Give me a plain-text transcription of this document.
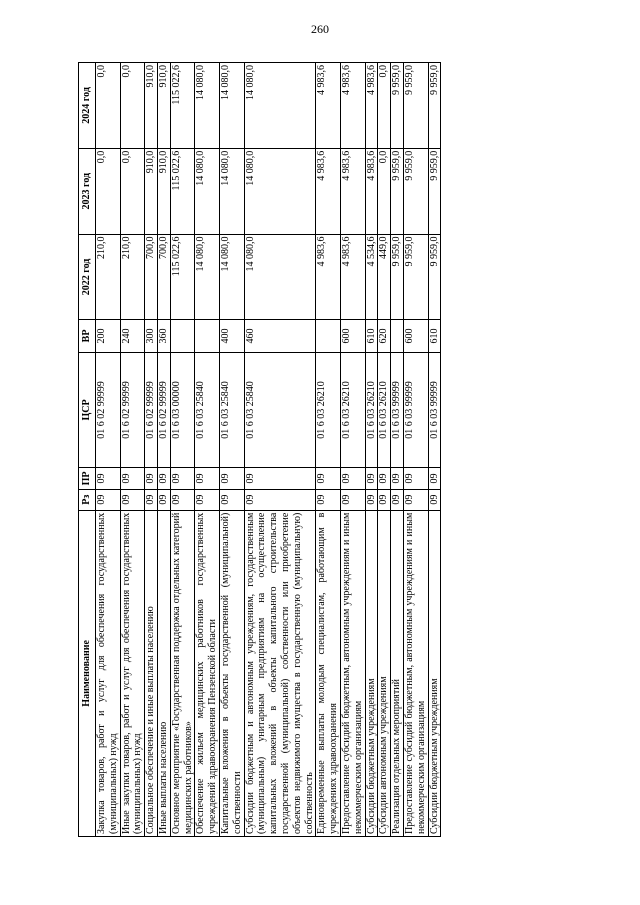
260
Наименование	Рз	ПР	ЦСР	ВР	2022 год	2023 год	2024 год
Закупка товаров, работ и услуг для обеспечения государственных (муниципальных) нужд	09	09	01 6 02 99999	200	210,0	0,0	0,0
Иные закупки товаров, работ и услуг для обеспечения государственных (муниципальных) нужд	09	09	01 6 02 99999	240	210,0	0,0	0,0
Социальное обеспечение и иные выплаты населению	09	09	01 6 02 99999	300	700,0	910,0	910,0
Иные выплаты населению	09	09	01 6 02 99999	360	700,0	910,0	910,0
Основное мероприятие «Государственная поддержка отдельных категорий медицинских работников»	09	09	01 6 03 00000		115 022,6	115 022,6	115 022,6
Обеспечение жильем медицинских работников государственных учреждений здравоохранения Пензенской области	09	09	01 6 03 25840		14 080,0	14 080,0	14 080,0
Капитальные вложения в объекты государственной (муниципальной) собственности	09	09	01 6 03 25840	400	14 080,0	14 080,0	14 080,0
Субсидии бюджетным и автономным учреждениям, государственным (муниципальным) унитарным предприятиям на осуществление капитальных вложений в объекты капитального строительства государственной (муниципальной) собственности или приобретение объектов недвижимого имущества в государственную (муниципальную) собственность	09	09	01 6 03 25840	460	14 080,0	14 080,0	14 080,0
Единовременные выплаты молодым специалистам, работающим в учреждениях здравоохранения	09	09	01 6 03 26210		4 983,6	4 983,6	4 983,6
Предоставление субсидий бюджетным, автономным учреждениям и иным некоммерческим организациям	09	09	01 6 03 26210	600	4 983,6	4 983,6	4 983,6
Субсидии бюджетным учреждениям	09	09	01 6 03 26210	610	4 534,6	4 983,6	4 983,6
Субсидии автономным учреждениям	09	09	01 6 03 26210	620	449,0	0,0	0,0
Реализация отдельных мероприятий	09	09	01 6 03 99999		9 959,0	9 959,0	9 959,0
Предоставление субсидий бюджетным, автономным учреждениям и иным некоммерческим организациям	09	09	01 6 03 99999	600	9 959,0	9 959,0	9 959,0
Субсидии бюджетным учреждениям	09	09	01 6 03 99999	610	9 959,0	9 959,0	9 959,0
